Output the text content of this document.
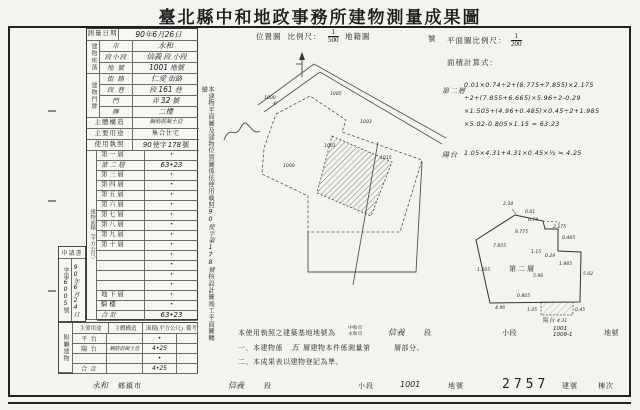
臺北縣中和地政事務所建物測量成果圖
測量日期	90年6月26日
建物座落
建物門牌
市	永和
段小段	信義 段 小段
地 號	1001 地號
街 路	仁愛 街路
段 巷	段 161 巷
門	弄 32 號
牌	二樓
主體構造	鋼筋混凝土造
主要用途	集合住宅
使用執照	90 使字 178 號
建物面積（平方公尺）
第 一 層	•
第 二 層	63•23
第 三 層	•
第 四 層	•
第 五 層	•
第 六 層	•
第 七 層	•
第 八 層	•
第 九 層	•
第 十 層	•
•
•
•
•
地 下 層	•
騎 樓	•
合 計	63•23
申請書
字第
6005
號 90年6月24日
附屬建物
主要用途	主體構造	面積(平方公尺) 備考
平 台	•
陽 台	鋼筋混凝土造	4•25
•
合 計	4•25
本建物平面圖及建物位置圖係依使用執照90使字第178號核設計圖竣工平面圖轉繪
位置圖 比例尺： $\frac{1}{500}$ 地籍圖	號
1000
-6
1005
1003
1001
1000
1015
平面圖比例尺： $\frac{1}{200}$
面積計算式：
第二層
0.01×0.74÷2+(8.775+7.855)×2.175
÷2+(7.855+6.665)×5.96÷2-0.29
×1.505+(4.96+0.485)×0.45÷2+1.985
×5.02-0.805×1.15 = 63.23
陽台 1.05×4.31+4.31×0.45×½ ≒ 4.25
第二層
陽台
2.34
0.01
0.74
8.775
2.175
0.485
7.855
1.15
0.29
1.985
1.505
5.96	5.02
0.805
4.96	1.05	0.45
4.31
本使用執照之建築基地地號為
中和市
永和市	信義	段	小段	1001
1009-1	地號
一、本建物係 五 層建物本件係測量第	層部分。
二、本成果表以建物登記為準。
永和 鄉鎮市	信義	段	小段	1001	地號	2757 建號	棟次
